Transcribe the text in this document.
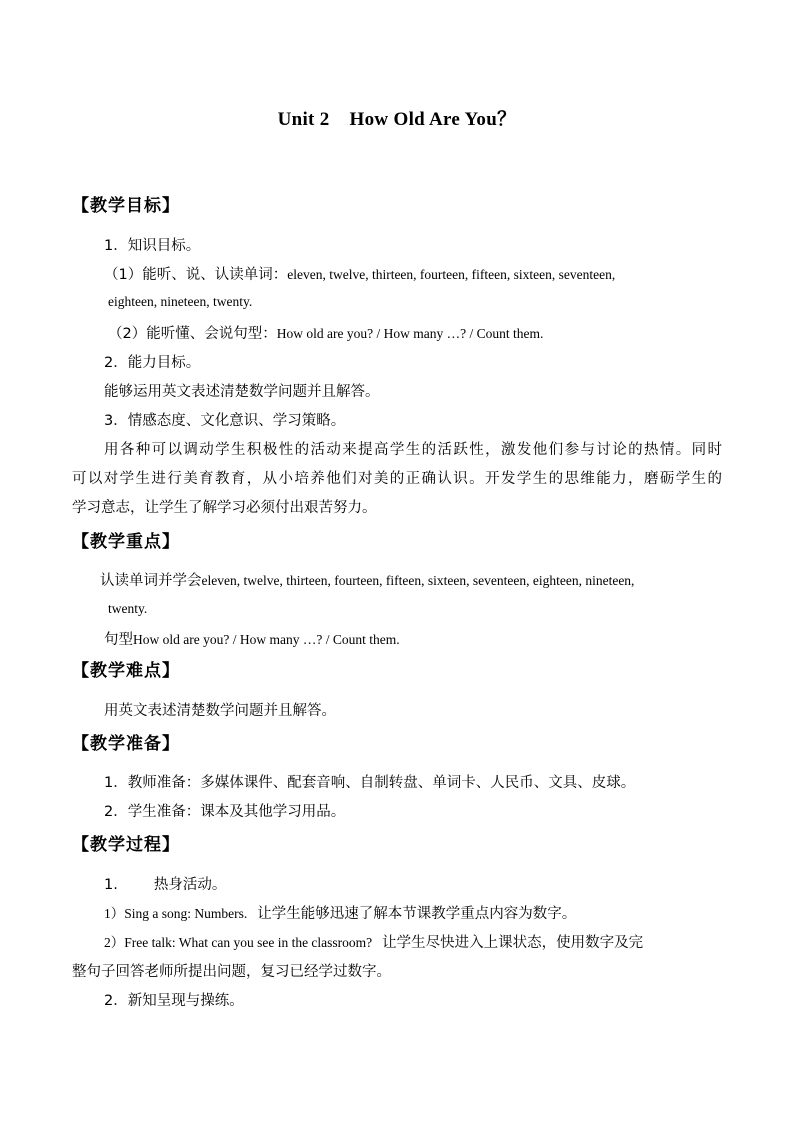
Unit 2 How Old Are You？
【教学目标】
1．知识目标。
（1）能听、说、认读单词：eleven, twelve, thirteen, fourteen, fifteen, sixteen, seventeen,
eighteen, nineteen, twenty.
（2）能听懂、会说句型：How old are you? / How many …? / Count them.
2．能力目标。
能够运用英文表述清楚数学问题并且解答。
3．情感态度、文化意识、学习策略。
用各种可以调动学生积极性的活动来提高学生的活跃性，激发他们参与讨论的热情。同时
可以对学生进行美育教育，从小培养他们对美的正确认识。开发学生的思维能力，磨砺学生的
学习意志，让学生了解学习必须付出艰苦努力。
【教学重点】
认读单词并学会eleven, twelve, thirteen, fourteen, fifteen, sixteen, seventeen, eighteen, nineteen,
twenty.
句型How old are you? / How many …? / Count them.
【教学难点】
用英文表述清楚数学问题并且解答。
【教学准备】
1．教师准备：多媒体课件、配套音响、自制转盘、单词卡、人民币、文具、皮球。
2．学生准备：课本及其他学习用品。
【教学过程】
1. 热身活动。
1）Sing a song: Numbers. 让学生能够迅速了解本节课教学重点内容为数字。
2）Free talk: What can you see in the classroom? 让学生尽快进入上课状态，使用数字及完
整句子回答老师所提出问题，复习已经学过数字。
2．新知呈现与操练。
